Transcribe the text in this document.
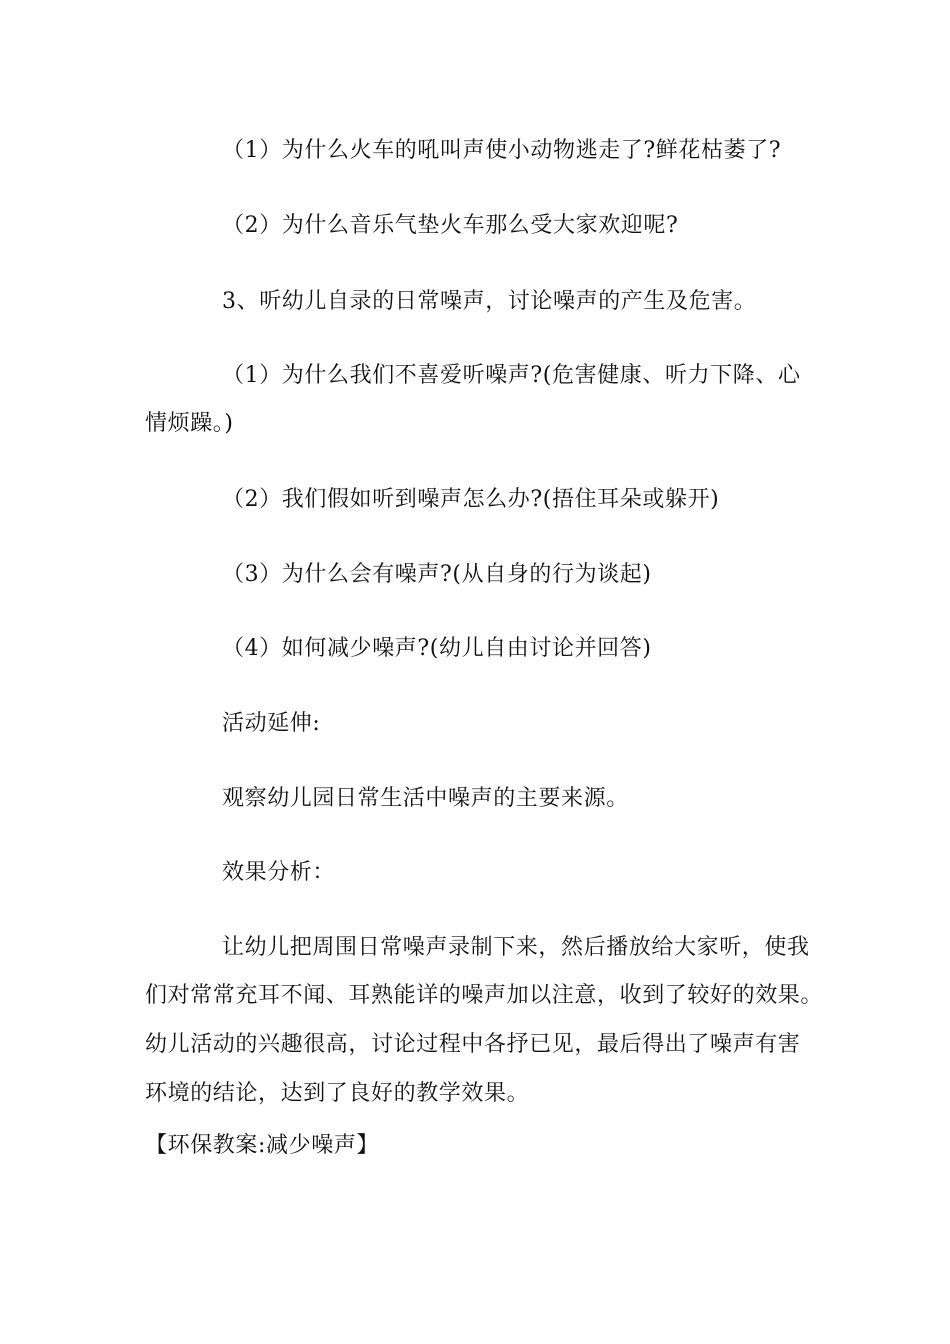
（1）为什么火车的吼叫声使小动物逃走了?鲜花枯萎了?
（2）为什么音乐气垫火车那么受大家欢迎呢?
3、听幼儿自录的日常噪声，讨论噪声的产生及危害。
（1）为什么我们不喜爱听噪声?(危害健康、听力下降、心
情烦躁。)
（2）我们假如听到噪声怎么办?(捂住耳朵或躲开)
（3）为什么会有噪声?(从自身的行为谈起)
（4）如何减少噪声?(幼儿自由讨论并回答)
活动延伸:
观察幼儿园日常生活中噪声的主要来源。
效果分析：
让幼儿把周围日常噪声录制下来，然后播放给大家听，使我
们对常常充耳不闻、耳熟能详的噪声加以注意，收到了较好的效果。
幼儿活动的兴趣很高，讨论过程中各抒已见，最后得出了噪声有害
环境的结论，达到了良好的教学效果。
【环保教案:减少噪声】
